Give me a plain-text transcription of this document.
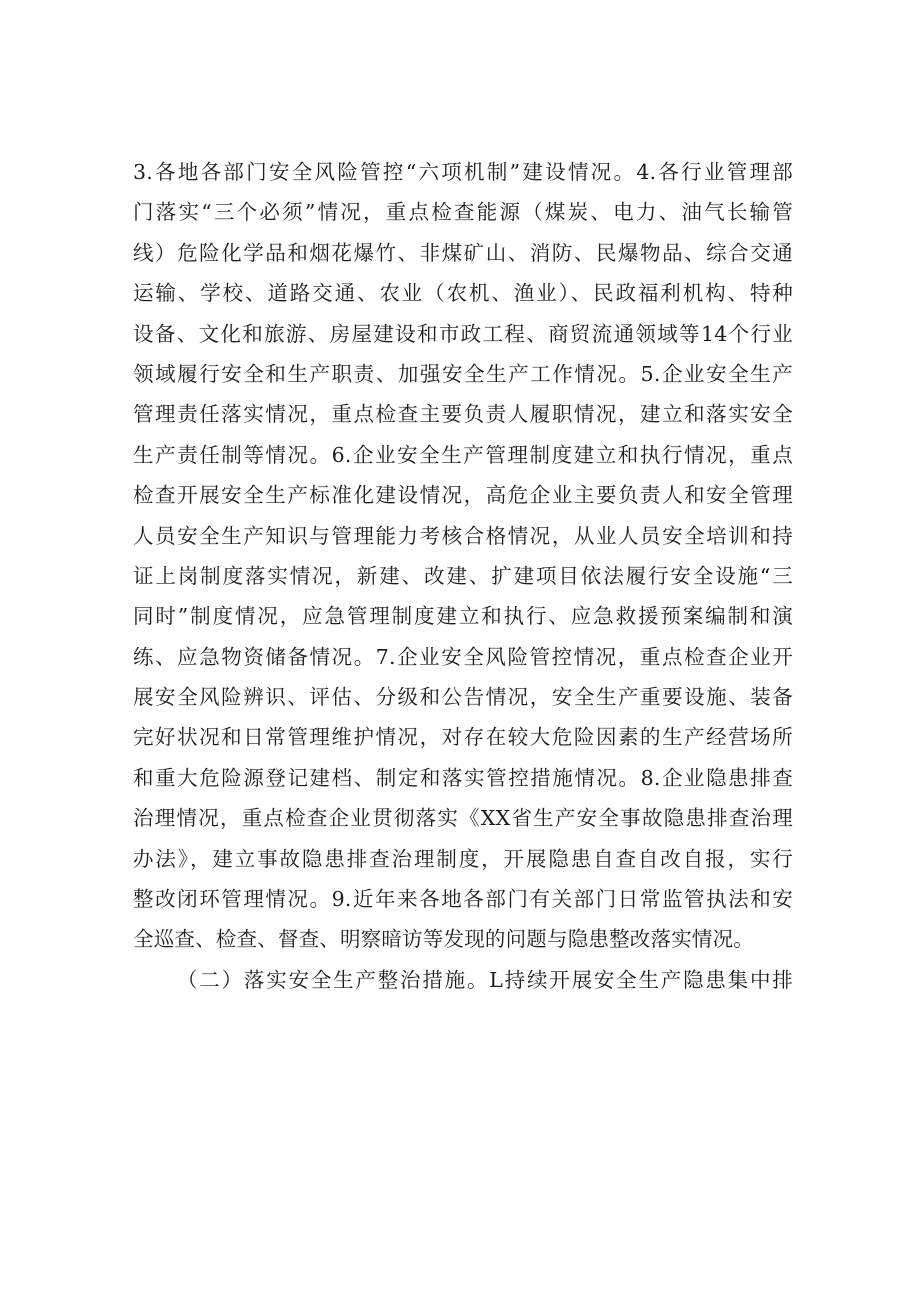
3.各地各部门安全风险管控“六项机制”建设情况。4.各行业管理部
门落实“三个必须”情况，重点检查能源（煤炭、电力、油气长输管
线）危险化学品和烟花爆竹、非煤矿山、消防、民爆物品、综合交通
运输、学校、道路交通、农业（农机、渔业）、民政福利机构、特种
设备、文化和旅游、房屋建设和市政工程、商贸流通领域等14个行业
领域履行安全和生产职责、加强安全生产工作情况。5.企业安全生产
管理责任落实情况，重点检查主要负责人履职情况，建立和落实安全
生产责任制等情况。6.企业安全生产管理制度建立和执行情况，重点
检查开展安全生产标准化建设情况，高危企业主要负责人和安全管理
人员安全生产知识与管理能力考核合格情况，从业人员安全培训和持
证上岗制度落实情况，新建、改建、扩建项目依法履行安全设施“三
同时”制度情况，应急管理制度建立和执行、应急救援预案编制和演
练、应急物资储备情况。7.企业安全风险管控情况，重点检查企业开
展安全风险辨识、评估、分级和公告情况，安全生产重要设施、装备
完好状况和日常管理维护情况，对存在较大危险因素的生产经营场所
和重大危险源登记建档、制定和落实管控措施情况。8.企业隐患排查
治理情况，重点检查企业贯彻落实《XX省生产安全事故隐患排查治理
办法》，建立事故隐患排查治理制度，开展隐患自查自改自报，实行
整改闭环管理情况。9.近年来各地各部门有关部门日常监管执法和安
全巡查、检查、督查、明察暗访等发现的问题与隐患整改落实情况。
（二）落实安全生产整治措施。L持续开展安全生产隐患集中排
